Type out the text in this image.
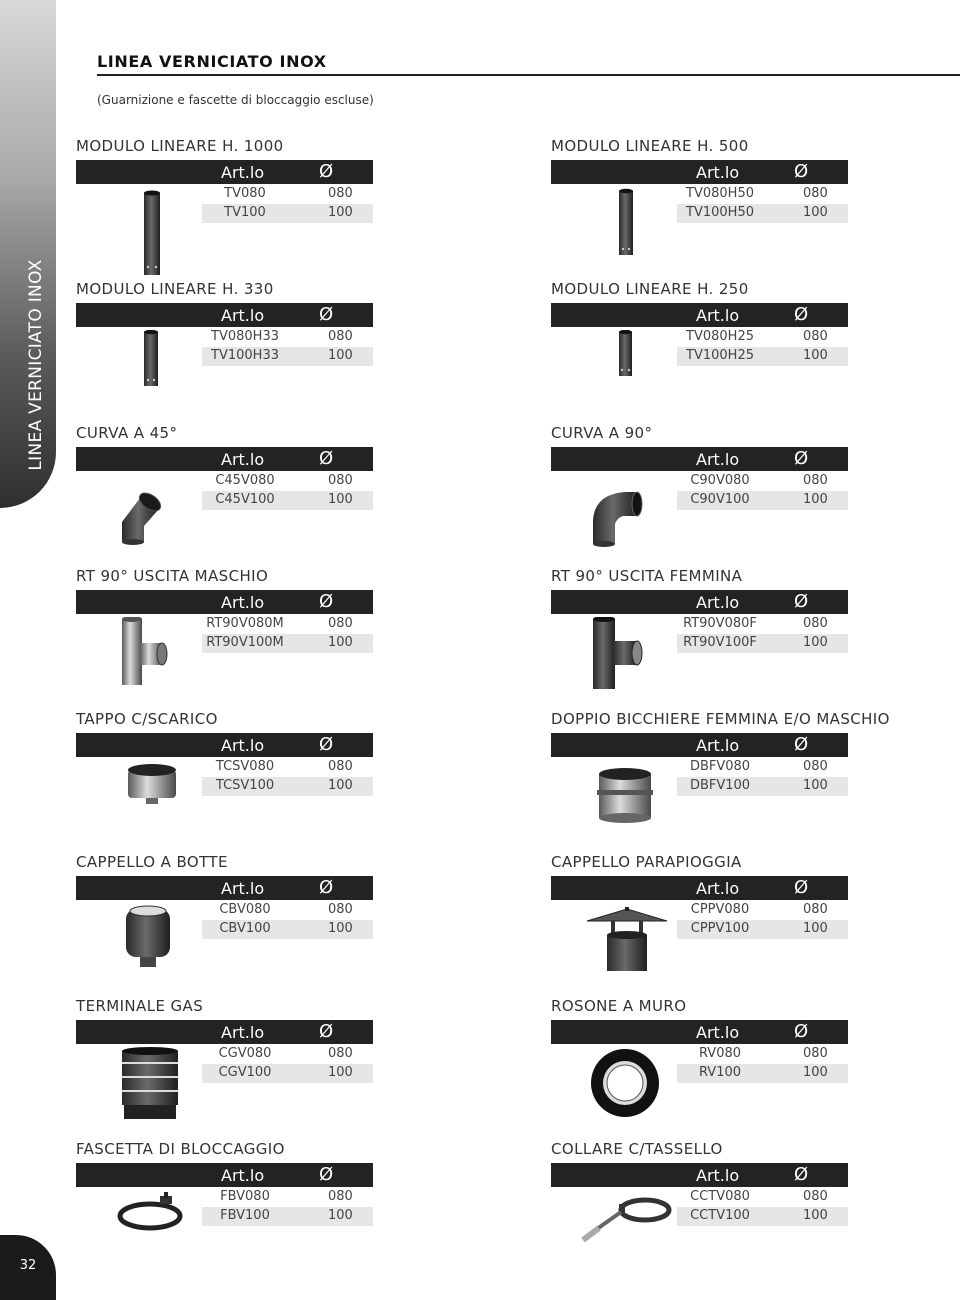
LINEA VERNICIATO INOX
32
LINEA VERNICIATO INOX
(Guarnizione e fascette di bloccaggio escluse)
MODULO LINEARE H. 1000
Art.lo	Ø
TV080	080
TV100	100
MODULO LINEARE H. 500
Art.lo	Ø
TV080H50	080
TV100H50	100
MODULO LINEARE H. 330
Art.lo	Ø
TV080H33	080
TV100H33	100
MODULO LINEARE H. 250
Art.lo	Ø
TV080H25	080
TV100H25	100
CURVA A 45°
Art.lo	Ø
C45V080	080
C45V100	100
CURVA A 90°
Art.lo	Ø
C90V080	080
C90V100	100
RT 90° USCITA MASCHIO
Art.lo	Ø
RT90V080M	080
RT90V100M	100
RT 90° USCITA FEMMINA
Art.lo	Ø
RT90V080F	080
RT90V100F	100
TAPPO C/SCARICO
Art.lo	Ø
TCSV080	080
TCSV100	100
DOPPIO BICCHIERE FEMMINA E/O MASCHIO
Art.lo	Ø
DBFV080	080
DBFV100	100
CAPPELLO A BOTTE
Art.lo	Ø
CBV080	080
CBV100	100
CAPPELLO PARAPIOGGIA
Art.lo	Ø
CPPV080	080
CPPV100	100
TERMINALE GAS
Art.lo	Ø
CGV080	080
CGV100	100
ROSONE A MURO
Art.lo	Ø
RV080	080
RV100	100
FASCETTA DI BLOCCAGGIO
Art.lo	Ø
FBV080	080
FBV100	100
COLLARE C/TASSELLO
Art.lo	Ø
CCTV080	080
CCTV100	100
